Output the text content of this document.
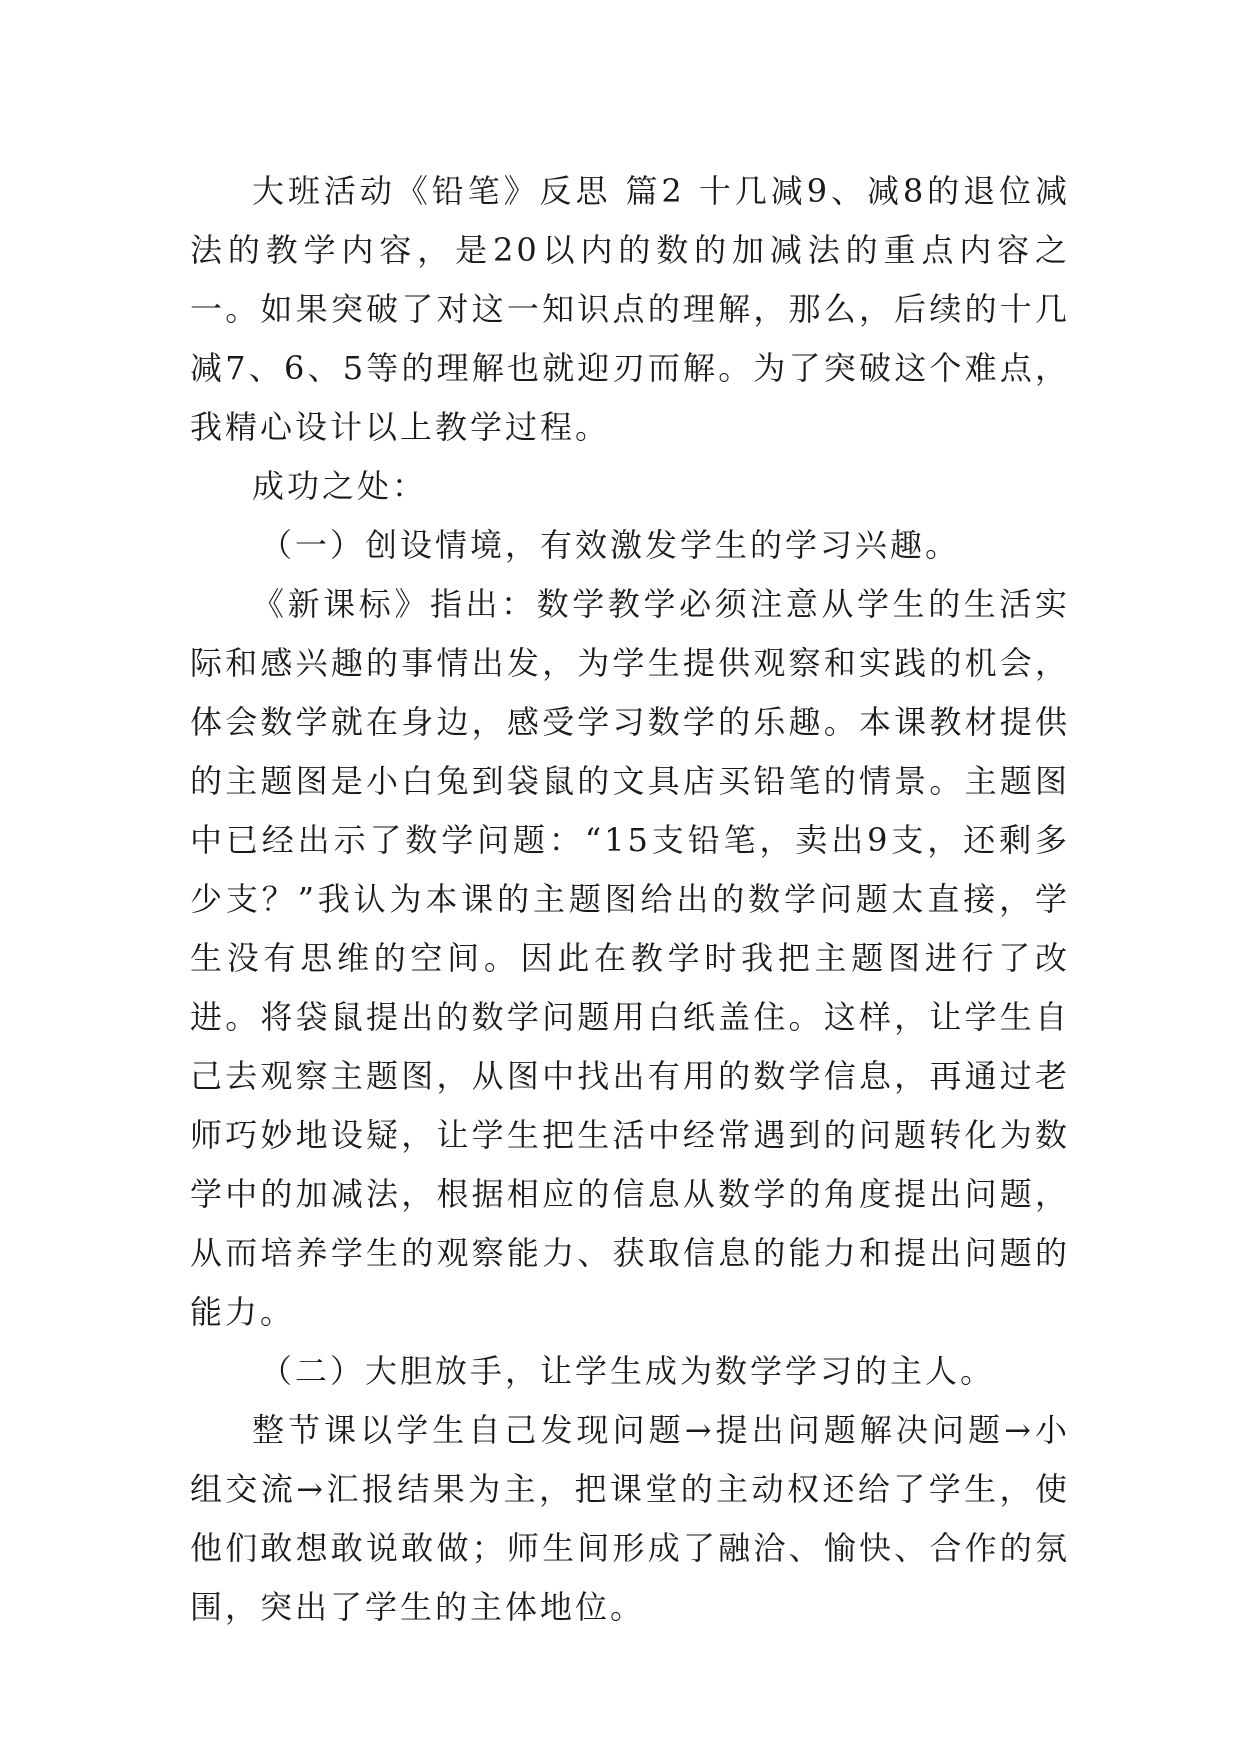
大班活动《铅笔》反思 篇2 十几减9、减8的退位减法的教学内容，是20以内的数的加减法的重点内容之一。如果突破了对这一知识点的理解，那么，后续的十几减7、6、5等的理解也就迎刃而解。为了突破这个难点，我精心设计以上教学过程。

成功之处：

（一）创设情境，有效激发学生的学习兴趣。

《新课标》指出：数学教学必须注意从学生的生活实际和感兴趣的事情出发，为学生提供观察和实践的机会，体会数学就在身边，感受学习数学的乐趣。本课教材提供的主题图是小白兔到袋鼠的文具店买铅笔的情景。主题图中已经出示了数学问题：“15支铅笔，卖出9支，还剩多少支？”我认为本课的主题图给出的数学问题太直接，学生没有思维的空间。因此在教学时我把主题图进行了改进。将袋鼠提出的数学问题用白纸盖住。这样，让学生自己去观察主题图，从图中找出有用的数学信息，再通过老师巧妙地设疑，让学生把生活中经常遇到的问题转化为数学中的加减法，根据相应的信息从数学的角度提出问题，从而培养学生的观察能力、获取信息的能力和提出问题的能力。

（二）大胆放手，让学生成为数学学习的主人。

整节课以学生自己发现问题→提出问题解决问题→小组交流→汇报结果为主，把课堂的主动权还给了学生，使他们敢想敢说敢做；师生间形成了融洽、愉快、合作的氛围，突出了学生的主体地位。
